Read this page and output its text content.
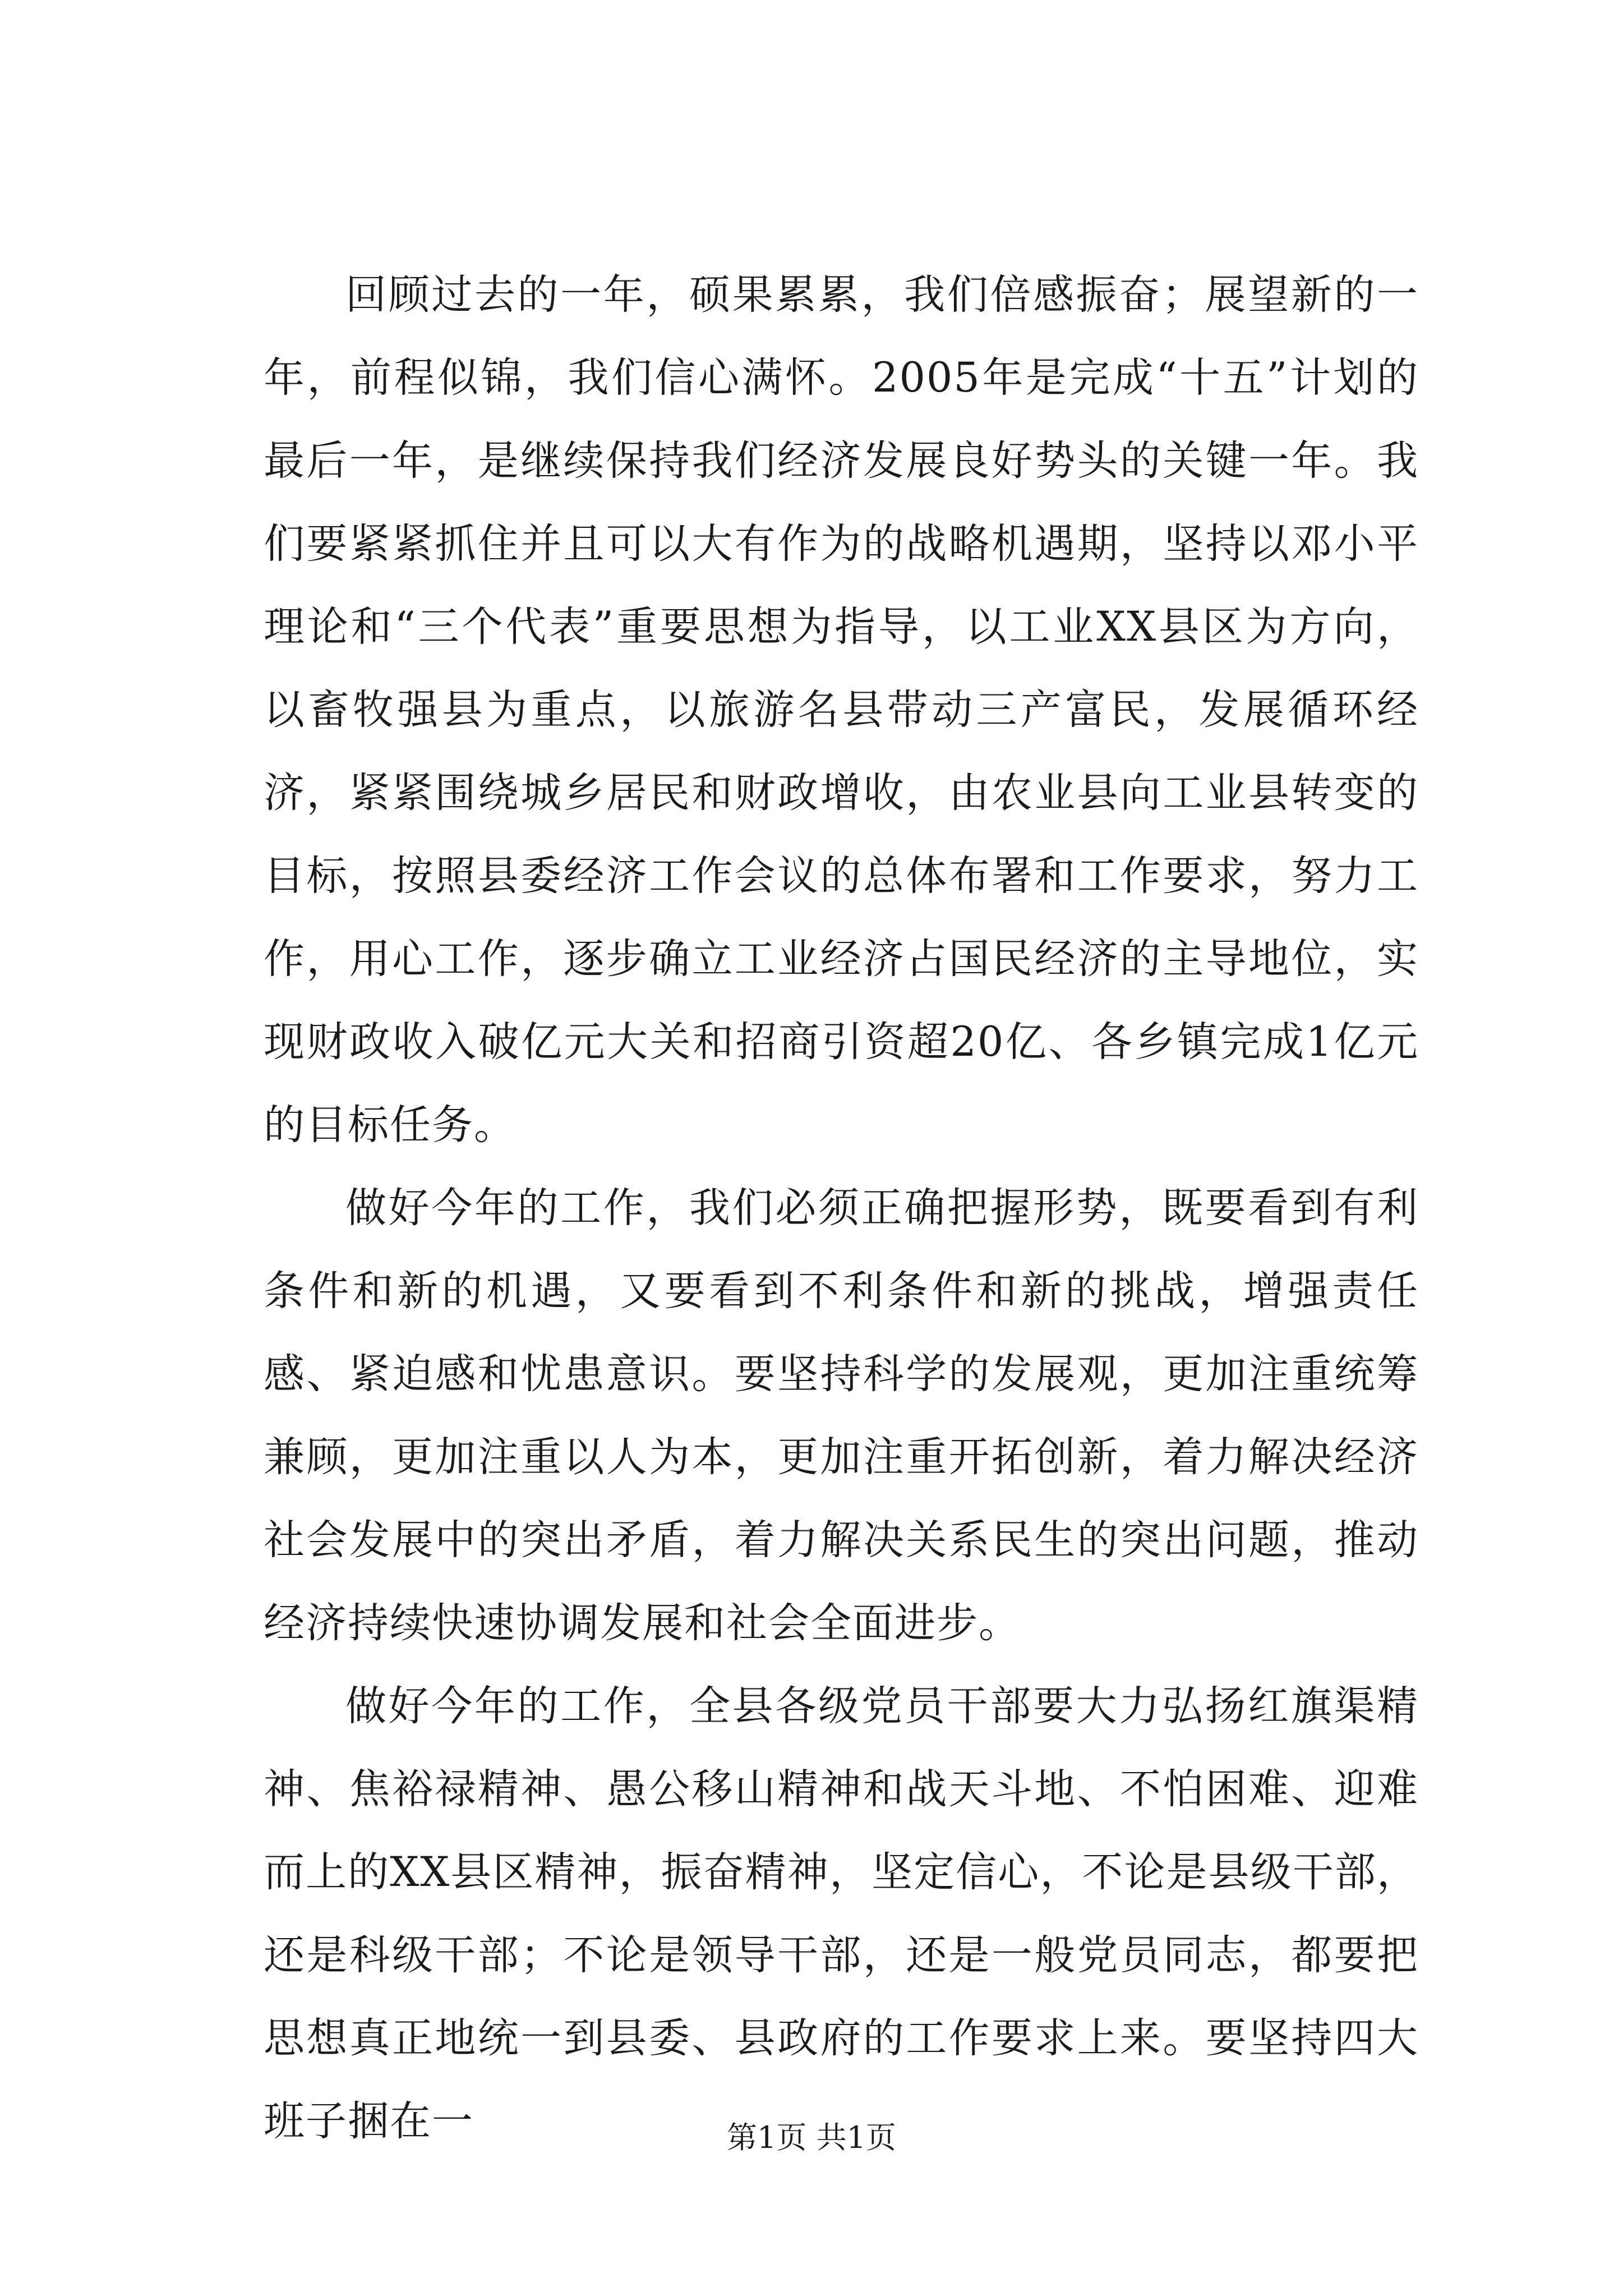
回顾过去的一年，硕果累累，我们倍感振奋；展望新的一年，前程似锦，我们信心满怀。2005年是完成“十五”计划的最后一年，是继续保持我们经济发展良好势头的关键一年。我们要紧紧抓住并且可以大有作为的战略机遇期，坚持以邓小平理论和“三个代表”重要思想为指导，以工业XX县区为方向，以畜牧强县为重点，以旅游名县带动三产富民，发展循环经济，紧紧围绕城乡居民和财政增收，由农业县向工业县转变的目标，按照县委经济工作会议的总体布署和工作要求，努力工作，用心工作，逐步确立工业经济占国民经济的主导地位，实现财政收入破亿元大关和招商引资超20亿、各乡镇完成1亿元的目标任务。

做好今年的工作，我们必须正确把握形势，既要看到有利条件和新的机遇，又要看到不利条件和新的挑战，增强责任感、紧迫感和忧患意识。要坚持科学的发展观，更加注重统筹兼顾，更加注重以人为本，更加注重开拓创新，着力解决经济社会发展中的突出矛盾，着力解决关系民生的突出问题，推动经济持续快速协调发展和社会全面进步。

做好今年的工作，全县各级党员干部要大力弘扬红旗渠精神、焦裕禄精神、愚公移山精神和战天斗地、不怕困难、迎难而上的XX县区精神，振奋精神，坚定信心，不论是县级干部，还是科级干部；不论是领导干部，还是一般党员同志，都要把思想真正地统一到县委、县政府的工作要求上来。要坚持四大班子捆在一	第1页 共1页
